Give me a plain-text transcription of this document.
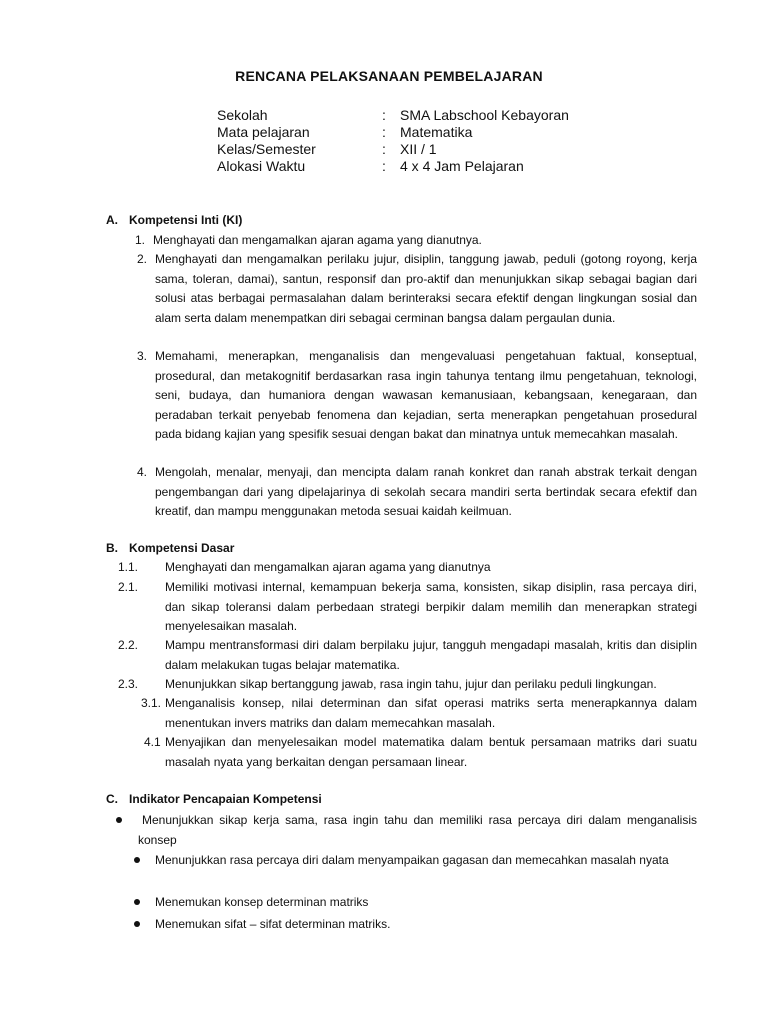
RENCANA PELAKSANAAN PEMBELAJARAN
Sekolah	: SMA Labschool Kebayoran
Mata pelajaran	: Matematika
Kelas/Semester	: XII / 1
Alokasi Waktu	: 4 x 4 Jam Pelajaran
A. Kompetensi Inti (KI)
1. Menghayati dan mengamalkan ajaran agama yang dianutnya.
2. Menghayati dan mengamalkan perilaku jujur, disiplin, tanggung jawab, peduli (gotong royong, kerja sama, toleran, damai), santun, responsif dan pro-aktif dan menunjukkan sikap sebagai bagian dari solusi atas berbagai permasalahan dalam berinteraksi secara efektif dengan lingkungan sosial dan alam serta dalam menempatkan diri sebagai cerminan bangsa dalam pergaulan dunia.
3. Memahami, menerapkan, menganalisis dan mengevaluasi pengetahuan faktual, konseptual, prosedural, dan metakognitif berdasarkan rasa ingin tahunya tentang ilmu pengetahuan, teknologi, seni, budaya, dan humaniora dengan wawasan kemanusiaan, kebangsaan, kenegaraan, dan peradaban terkait penyebab fenomena dan kejadian, serta menerapkan pengetahuan prosedural pada bidang kajian yang spesifik sesuai dengan bakat dan minatnya untuk memecahkan masalah.
4. Mengolah, menalar, menyaji, dan mencipta dalam ranah konkret dan ranah abstrak terkait dengan pengembangan dari yang dipelajarinya di sekolah secara mandiri serta bertindak secara efektif dan kreatif, dan mampu menggunakan metoda sesuai kaidah keilmuan.
B. Kompetensi Dasar
1.1.	Menghayati dan mengamalkan ajaran agama yang dianutnya
2.1.	Memiliki motivasi internal, kemampuan bekerja sama, konsisten, sikap disiplin, rasa percaya diri, dan sikap toleransi dalam perbedaan strategi berpikir dalam memilih dan menerapkan strategi menyelesaikan masalah.
2.2.	Mampu mentransformasi diri dalam berpilaku jujur, tangguh mengadapi masalah, kritis dan disiplin dalam melakukan tugas belajar matematika.
2.3.	Menunjukkan sikap bertanggung jawab, rasa ingin tahu, jujur dan perilaku peduli lingkungan.
3.1. Menganalisis konsep, nilai determinan dan sifat operasi matriks serta menerapkannya dalam menentukan invers matriks dan dalam memecahkan masalah.
4.1 Menyajikan dan menyelesaikan model matematika dalam bentuk persamaan matriks dari suatu masalah nyata yang berkaitan dengan persamaan linear.
C. Indikator Pencapaian Kompetensi
Menunjukkan sikap kerja sama, rasa ingin tahu dan memiliki rasa percaya diri dalam menganalisis konsep
Menunjukkan rasa percaya diri dalam menyampaikan gagasan dan memecahkan masalah nyata
Menemukan konsep determinan matriks
Menemukan sifat – sifat determinan matriks.
